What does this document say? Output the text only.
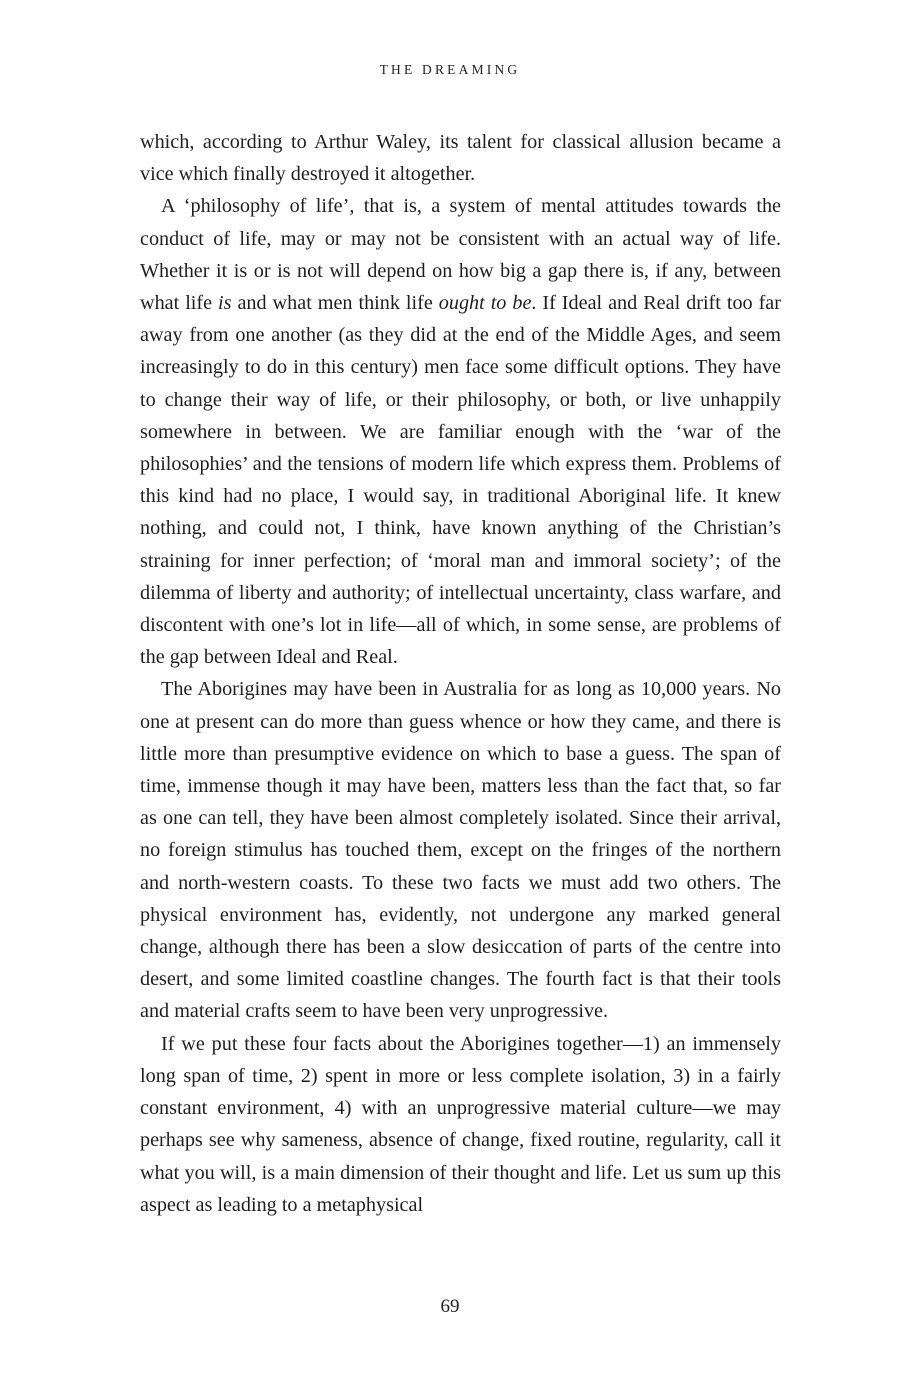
THE DREAMING

which, according to Arthur Waley, its talent for classical allusion became a vice which finally destroyed it altogether.

A ‘philosophy of life’, that is, a system of mental attitudes towards the conduct of life, may or may not be consistent with an actual way of life. Whether it is or is not will depend on how big a gap there is, if any, between what life is and what men think life ought to be. If Ideal and Real drift too far away from one another (as they did at the end of the Middle Ages, and seem increasingly to do in this century) men face some difficult options. They have to change their way of life, or their philosophy, or both, or live unhappily somewhere in between. We are familiar enough with the ‘war of the philosophies’ and the tensions of modern life which express them. Problems of this kind had no place, I would say, in traditional Aboriginal life. It knew nothing, and could not, I think, have known anything of the Christian’s straining for inner perfection; of ‘moral man and immoral society’; of the dilemma of liberty and authority; of intellectual uncertainty, class warfare, and discontent with one’s lot in life—all of which, in some sense, are problems of the gap between Ideal and Real.

The Aborigines may have been in Australia for as long as 10,000 years. No one at present can do more than guess whence or how they came, and there is little more than presumptive evidence on which to base a guess. The span of time, immense though it may have been, matters less than the fact that, so far as one can tell, they have been almost completely isolated. Since their arrival, no foreign stimulus has touched them, except on the fringes of the northern and north-western coasts. To these two facts we must add two others. The physical environment has, evidently, not undergone any marked general change, although there has been a slow desiccation of parts of the centre into desert, and some limited coastline changes. The fourth fact is that their tools and material crafts seem to have been very unprogressive.

If we put these four facts about the Aborigines together—1) an immensely long span of time, 2) spent in more or less complete isolation, 3) in a fairly constant environment, 4) with an unprogressive material culture—we may perhaps see why sameness, absence of change, fixed routine, regularity, call it what you will, is a main dimension of their thought and life. Let us sum up this aspect as leading to a metaphysical

69
